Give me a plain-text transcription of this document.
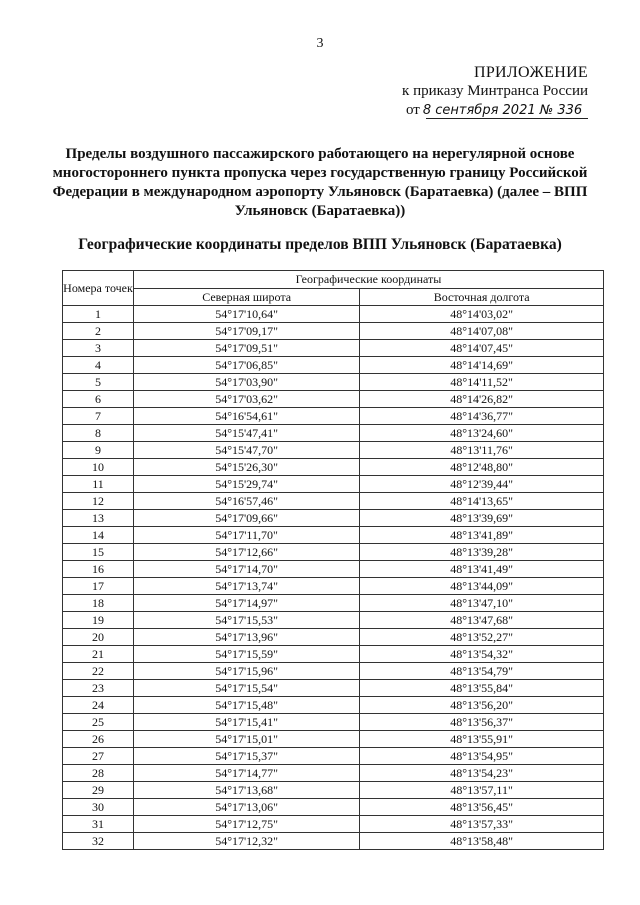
3
ПРИЛОЖЕНИЕ
к приказу Минтранса России
от 8 сентября 2021 № 336
Пределы воздушного пассажирского работающего на нерегулярной основе многостороннего пункта пропуска через государственную границу Российской Федерации в международном аэропорту Ульяновск (Баратаевка) (далее – ВПП Ульяновск (Баратаевка))
Географические координаты пределов ВПП Ульяновск (Баратаевка)
Номера точек	Географические координаты	
	Северная широта	Восточная долгота
1	54°17'10,64"	48°14'03,02"
2	54°17'09,17"	48°14'07,08"
3	54°17'09,51"	48°14'07,45"
4	54°17'06,85"	48°14'14,69"
5	54°17'03,90"	48°14'11,52"
6	54°17'03,62"	48°14'26,82"
7	54°16'54,61"	48°14'36,77"
8	54°15'47,41"	48°13'24,60"
9	54°15'47,70"	48°13'11,76"
10	54°15'26,30"	48°12'48,80"
11	54°15'29,74"	48°12'39,44"
12	54°16'57,46"	48°14'13,65"
13	54°17'09,66"	48°13'39,69"
14	54°17'11,70"	48°13'41,89"
15	54°17'12,66"	48°13'39,28"
16	54°17'14,70"	48°13'41,49"
17	54°17'13,74"	48°13'44,09"
18	54°17'14,97"	48°13'47,10"
19	54°17'15,53"	48°13'47,68"
20	54°17'13,96"	48°13'52,27"
21	54°17'15,59"	48°13'54,32"
22	54°17'15,96"	48°13'54,79"
23	54°17'15,54"	48°13'55,84"
24	54°17'15,48"	48°13'56,20"
25	54°17'15,41"	48°13'56,37"
26	54°17'15,01"	48°13'55,91"
27	54°17'15,37"	48°13'54,95"
28	54°17'14,77"	48°13'54,23"
29	54°17'13,68"	48°13'57,11"
30	54°17'13,06"	48°13'56,45"
31	54°17'12,75"	48°13'57,33"
32	54°17'12,32"	48°13'58,48"
